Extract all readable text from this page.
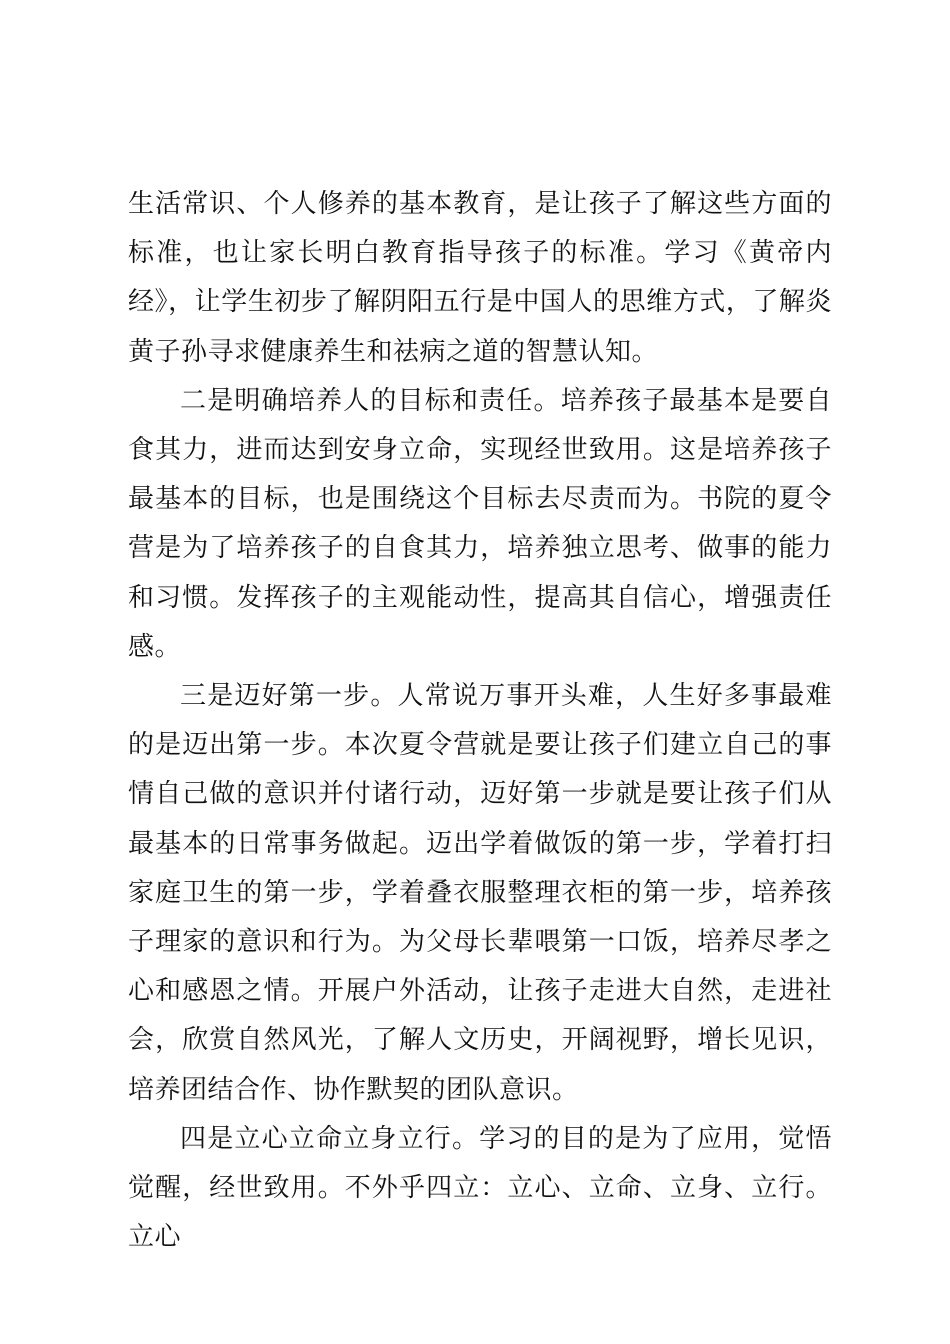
生活常识、个人修养的基本教育，是让孩子了解这些方面的标准，也让家长明白教育指导孩子的标准。学习《黄帝内经》，让学生初步了解阴阳五行是中国人的思维方式，了解炎黄子孙寻求健康养生和祛病之道的智慧认知。

二是明确培养人的目标和责任。培养孩子最基本是要自食其力，进而达到安身立命，实现经世致用。这是培养孩子最基本的目标，也是围绕这个目标去尽责而为。书院的夏令营是为了培养孩子的自食其力，培养独立思考、做事的能力和习惯。发挥孩子的主观能动性，提高其自信心，增强责任感。

三是迈好第一步。人常说万事开头难，人生好多事最难的是迈出第一步。本次夏令营就是要让孩子们建立自己的事情自己做的意识并付诸行动，迈好第一步就是要让孩子们从最基本的日常事务做起。迈出学着做饭的第一步，学着打扫家庭卫生的第一步，学着叠衣服整理衣柜的第一步，培养孩子理家的意识和行为。为父母长辈喂第一口饭，培养尽孝之心和感恩之情。开展户外活动，让孩子走进大自然，走进社会，欣赏自然风光，了解人文历史，开阔视野，增长见识，培养团结合作、协作默契的团队意识。

四是立心立命立身立行。学习的目的是为了应用，觉悟觉醒，经世致用。不外乎四立：立心、立命、立身、立行。立心
